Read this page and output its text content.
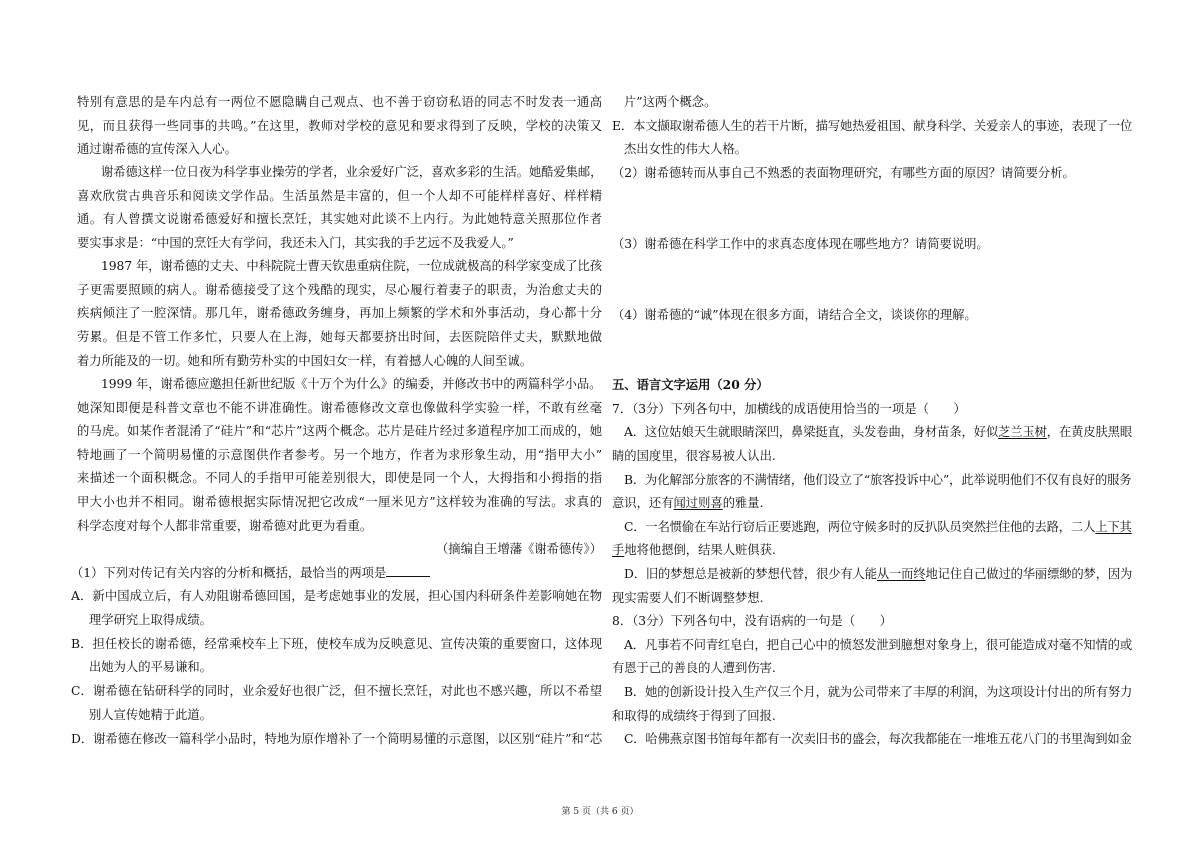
特别有意思的是车内总有一两位不愿隐瞒自己观点、也不善于窃窃私语的同志不时发表一通高
见，而且获得一些同事的共鸣。”在这里，教师对学校的意见和要求得到了反映，学校的决策又
通过谢希德的宣传深入人心。
谢希德这样一位日夜为科学事业操劳的学者，业余爱好广泛，喜欢多彩的生活。她酷爱集邮，
喜欢欣赏古典音乐和阅读文学作品。生活虽然是丰富的，但一个人却不可能样样喜好、样样精
通。有人曾撰文说谢希德爱好和擅长烹饪，其实她对此谈不上内行。为此她特意关照那位作者
要实事求是：“中国的烹饪大有学问，我还未入门，其实我的手艺远不及我爱人。”
1987 年，谢希德的丈夫、中科院院士曹天钦患重病住院，一位成就极高的科学家变成了比孩
子更需要照顾的病人。谢希德接受了这个残酷的现实，尽心履行着妻子的职责，为治愈丈夫的
疾病倾注了一腔深情。那几年，谢希德政务缠身，再加上频繁的学术和外事活动，身心都十分
劳累。但是不管工作多忙，只要人在上海，她每天都要挤出时间，去医院陪伴丈夫，默默地做
着力所能及的一切。她和所有勤劳朴实的中国妇女一样，有着撼人心魄的人间至诚。
1999 年，谢希德应邀担任新世纪版《十万个为什么》的编委，并修改书中的两篇科学小品。
她深知即便是科普文章也不能不讲准确性。谢希德修改文章也像做科学实验一样，不敢有丝毫
的马虎。如某作者混淆了“硅片”和“芯片”这两个概念。芯片是硅片经过多道程序加工而成的，她
特地画了一个简明易懂的示意图供作者参考。另一个地方，作者为求形象生动，用“指甲大小”
来描述一个面积概念。不同人的手指甲可能差别很大，即使是同一个人，大拇指和小拇指的指
甲大小也并不相同。谢希德根据实际情况把它改成“一厘米见方”这样较为准确的写法。求真的
科学态度对每个人都非常重要，谢希德对此更为看重。
（摘编自王增藩《谢希德传》）
（1）下列对传记有关内容的分析和概括，最恰当的两项是
A．新中国成立后，有人劝阻谢希德回国，是考虑她事业的发展，担心国内科研条件差影响她在物
理学研究上取得成绩。
B．担任校长的谢希德，经常乘校车上下班，使校车成为反映意见、宣传决策的重要窗口，这体现
出她为人的平易谦和。
C．谢希德在钻研科学的同时，业余爱好也很广泛，但不擅长烹饪，对此也不感兴趣，所以不希望
别人宣传她精于此道。
D．谢希德在修改一篇科学小品时，特地为原作增补了一个简明易懂的示意图，以区别“硅片”和“芯
片”这两个概念。
E．本文撷取谢希德人生的若干片断，描写她热爱祖国、献身科学、关爱亲人的事迹，表现了一位
杰出女性的伟大人格。
（2）谢希德转而从事自己不熟悉的表面物理研究，有哪些方面的原因？请简要分析。
（3）谢希德在科学工作中的求真态度体现在哪些地方？请简要说明。
（4）谢希德的“诚”体现在很多方面，请结合全文，谈谈你的理解。
五、语言文字运用（20 分）
7．（3分）下列各句中，加横线的成语使用恰当的一项是（　　）
A．这位姑娘天生就眼睛深凹，鼻梁挺直，头发卷曲，身材苗条，好似芝兰玉树，在黄皮肤黑眼
睛的国度里，很容易被人认出.
B．为化解部分旅客的不满情绪，他们设立了“旅客投诉中心”，此举说明他们不仅有良好的服务
意识，还有闻过则喜的雅量.
C．一名惯偷在车站行窃后正要逃跑，两位守候多时的反扒队员突然拦住他的去路，二人上下其
手地将他摁倒，结果人赃俱获.
D．旧的梦想总是被新的梦想代替，很少有人能从一而终地记住自己做过的华丽缥缈的梦，因为
现实需要人们不断调整梦想.
8．（3分）下列各句中，没有语病的一句是（　　）
A．凡事若不问青红皂白，把自己心中的愤怒发泄到臆想对象身上，很可能造成对毫不知情的或
有恩于己的善良的人遭到伤害.
B．她的创新设计投入生产仅三个月，就为公司带来了丰厚的利润，为这项设计付出的所有努力
和取得的成绩终于得到了回报.
C．哈佛燕京图书馆每年都有一次卖旧书的盛会，每次我都能在一堆堆五花八门的书里淘到如金
第 5 页（共 6 页）
